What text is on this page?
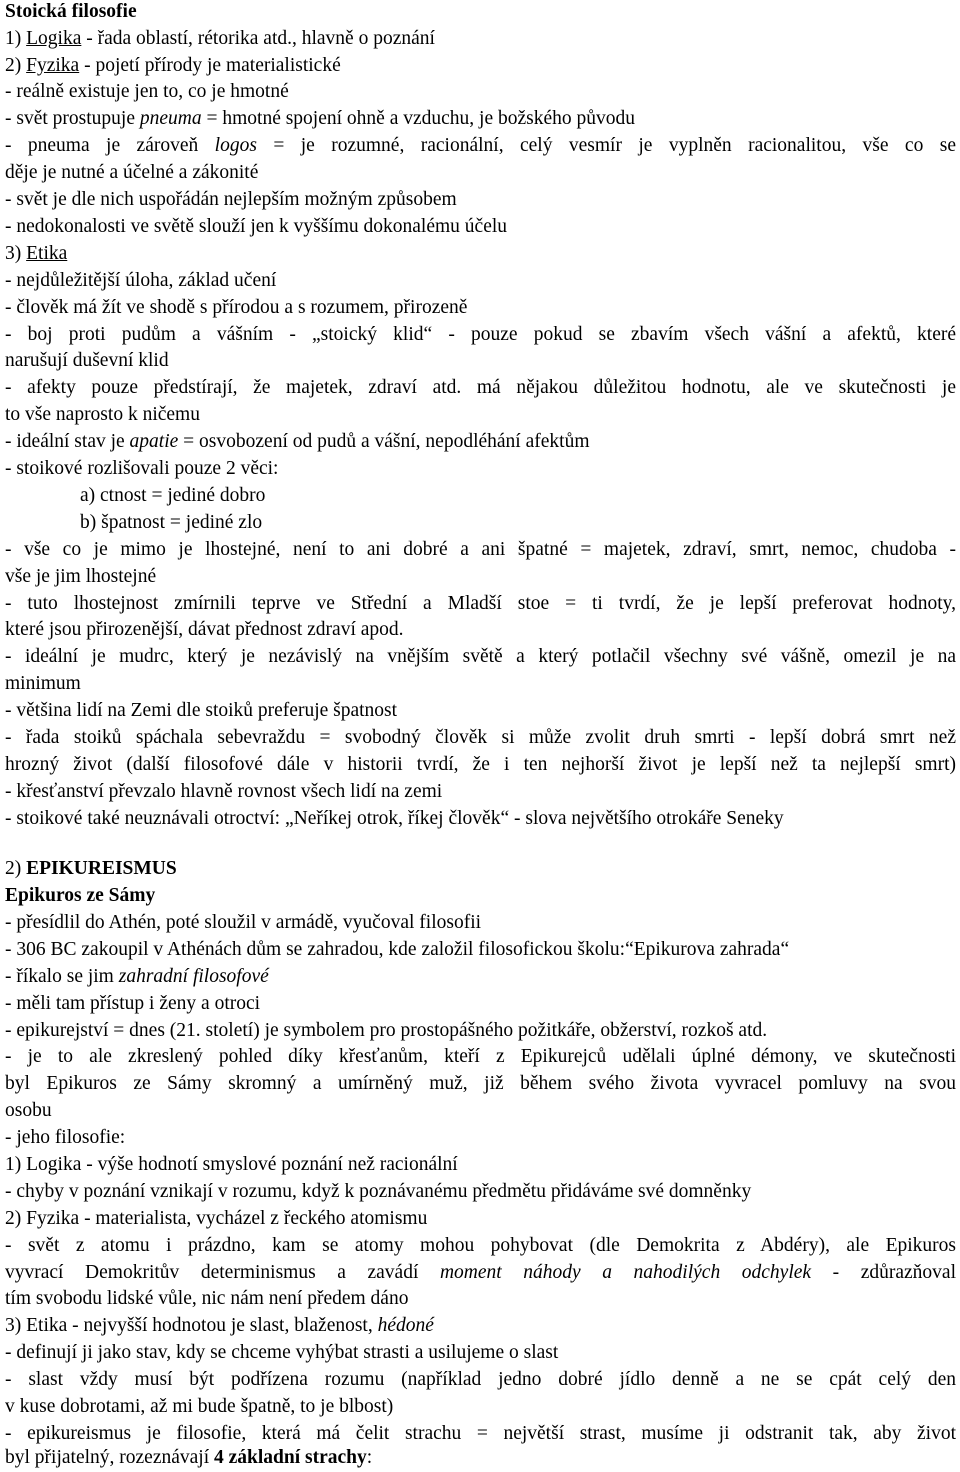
Stoická filosofie
1) Logika - řada oblastí, rétorika atd., hlavně o poznání
2) Fyzika - pojetí přírody je materialistické
- reálně existuje jen to, co je hmotné
- svět prostupuje pneuma = hmotné spojení ohně a vzduchu, je božského původu
- pneuma je zároveň logos = je rozumné, racionální, celý vesmír je vyplněn racionalitou, vše co se
děje je nutné a účelné a zákonité
- svět je dle nich uspořádán nejlepším možným způsobem
- nedokonalosti ve světě slouží jen k vyššímu dokonalému účelu
3) Etika
- nejdůležitější úloha, základ učení
- člověk má žít ve shodě s přírodou a s rozumem, přirozeně
- boj proti pudům a vášním - „stoický klid“ - pouze pokud se zbavím všech vášní a afektů, které
narušují duševní klid
- afekty pouze předstírají, že majetek, zdraví atd. má nějakou důležitou hodnotu, ale ve skutečnosti je
to vše naprosto k ničemu
- ideální stav je apatie = osvobození od pudů a vášní, nepodléhání afektům
- stoikové rozlišovali pouze 2 věci:
a) ctnost = jediné dobro
b) špatnost = jediné zlo
- vše co je mimo je lhostejné, není to ani dobré a ani špatné = majetek, zdraví, smrt, nemoc, chudoba -
vše je jim lhostejné
- tuto lhostejnost zmírnili teprve ve Střední a Mladší stoe = ti tvrdí, že je lepší preferovat hodnoty,
které jsou přirozenější, dávat přednost zdraví apod.
- ideální je mudrc, který je nezávislý na vnějším světě a který potlačil všechny své vášně, omezil je na
minimum
- většina lidí na Zemi dle stoiků preferuje špatnost
- řada stoiků spáchala sebevraždu = svobodný člověk si může zvolit druh smrti - lepší dobrá smrt než
hrozný život (další filosofové dále v historii tvrdí, že i ten nejhorší život je lepší než ta nejlepší smrt)
- křesťanství převzalo hlavně rovnost všech lidí na zemi
- stoikové také neuznávali otroctví: „Neříkej otrok, říkej člověk“ - slova největšího otrokáře Seneky
2) EPIKUREISMUS
Epikuros ze Sámy
- přesídlil do Athén, poté sloužil v armádě, vyučoval filosofii
- 306 BC zakoupil v Athénách dům se zahradou, kde založil filosofickou školu:“Epikurova zahrada“
- říkalo se jim zahradní filosofové
- měli tam přístup i ženy a otroci
- epikurejství = dnes (21. století) je symbolem pro prostopášného požitkáře, obžerství, rozkoš atd.
- je to ale zkreslený pohled díky křesťanům, kteří z Epikurejců udělali úplné démony, ve skutečnosti
byl Epikuros ze Sámy skromný a umírněný muž, již během svého života vyvracel pomluvy na svou
osobu
- jeho filosofie:
1) Logika - výše hodnotí smyslové poznání než racionální
- chyby v poznání vznikají v rozumu, když k poznávanému předmětu přidáváme své domněnky
2) Fyzika - materialista, vycházel z řeckého atomismu
- svět z atomu i prázdno, kam se atomy mohou pohybovat (dle Demokrita z Abdéry), ale Epikuros
vyvrací Demokritův determinismus a zavádí moment náhody a nahodilých odchylek - zdůrazňoval
tím svobodu lidské vůle, nic nám není předem dáno
3) Etika - nejvyšší hodnotou je slast, blaženost, hédoné
- definují ji jako stav, kdy se chceme vyhýbat strasti a usilujeme o slast
- slast vždy musí být podřízena rozumu (například jedno dobré jídlo denně a ne se cpát celý den
v kuse dobrotami, až mi bude špatně, to je blbost)
- epikureismus je filosofie, která má čelit strachu = největší strast, musíme ji odstranit tak, aby život
byl přijatelný, rozeznávají 4 základní strachy:
